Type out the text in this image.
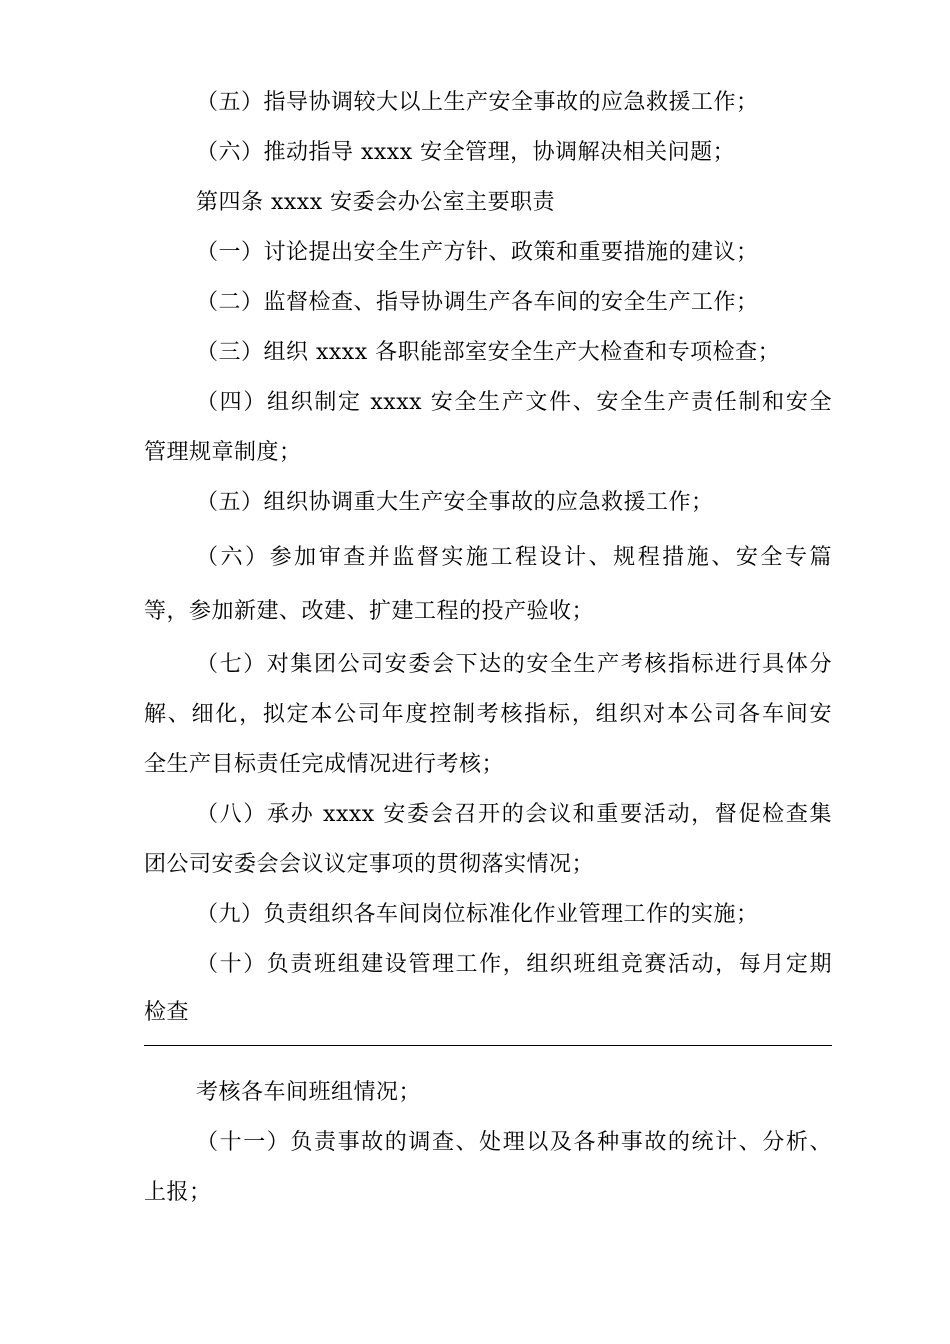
（五）指导协调较大以上生产安全事故的应急救援工作；
（六）推动指导 xxxx 安全管理，协调解决相关问题；
第四条 xxxx 安委会办公室主要职责
（一）讨论提出安全生产方针、政策和重要措施的建议；
（二）监督检查、指导协调生产各车间的安全生产工作；
（三）组织 xxxx 各职能部室安全生产大检查和专项检查；
（四）组织制定 xxxx 安全生产文件、安全生产责任制和安全
管理规章制度；
（五）组织协调重大生产安全事故的应急救援工作；
（六）参加审查并监督实施工程设计、规程措施、安全专篇
等，参加新建、改建、扩建工程的投产验收；
（七）对集团公司安委会下达的安全生产考核指标进行具体分
解、细化，拟定本公司年度控制考核指标，组织对本公司各车间安
全生产目标责任完成情况进行考核；
（八）承办 xxxx 安委会召开的会议和重要活动，督促检查集
团公司安委会会议议定事项的贯彻落实情况；
（九）负责组织各车间岗位标准化作业管理工作的实施；
（十）负责班组建设管理工作，组织班组竞赛活动，每月定期
检查
考核各车间班组情况；
（十一）负责事故的调查、处理以及各种事故的统计、分析、
上报；
